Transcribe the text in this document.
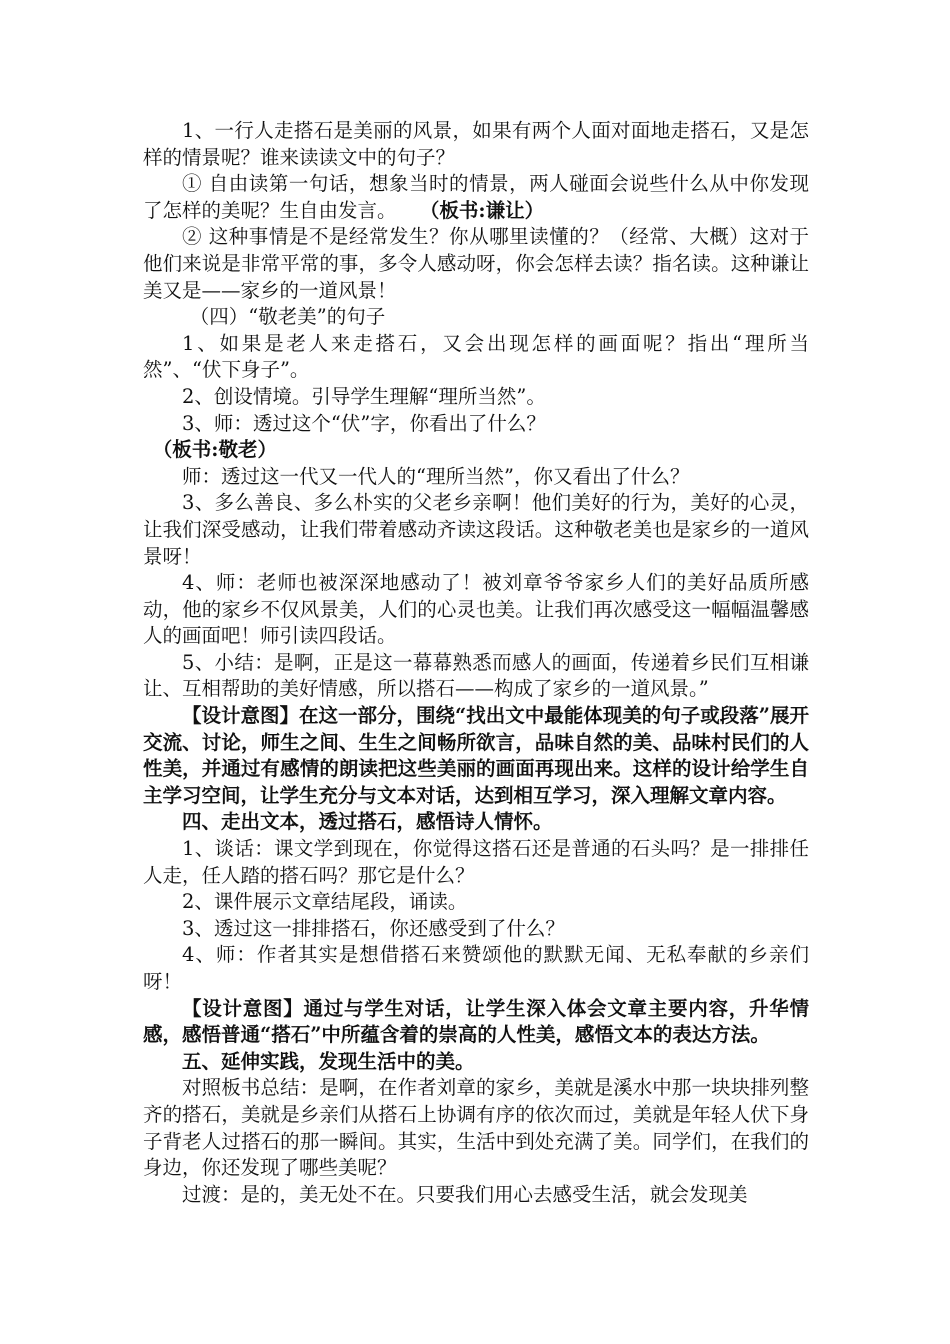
1、一行人走搭石是美丽的风景，如果有两个人面对面地走搭石，又是怎样的情景呢？谁来读读文中的句子？

① 自由读第一句话，想象当时的情景，两人碰面会说些什么从中你发现了怎样的美呢？生自由发言。 （板书:谦让）

② 这种事情是不是经常发生？你从哪里读懂的？（经常、大概）这对于他们来说是非常平常的事，多令人感动呀，你会怎样去读？指名读。这种谦让美又是——家乡的一道风景！

（四）“敬老美”的句子

1、如果是老人来走搭石，又会出现怎样的画面呢？指出“理所当然”、“伏下身子”。

2、创设情境。引导学生理解“理所当然”。

3、师：透过这个“伏”字，你看出了什么？

（板书:敬老）

师：透过这一代又一代人的“理所当然”，你又看出了什么？

3、多么善良、多么朴实的父老乡亲啊！他们美好的行为，美好的心灵，让我们深受感动，让我们带着感动齐读这段话。这种敬老美也是家乡的一道风景呀！

4、师：老师也被深深地感动了！被刘章爷爷家乡人们的美好品质所感动，他的家乡不仅风景美，人们的心灵也美。让我们再次感受这一幅幅温馨感人的画面吧！师引读四段话。

5、小结：是啊，正是这一幕幕熟悉而感人的画面，传递着乡民们互相谦让、互相帮助的美好情感，所以搭石——构成了家乡的一道风景。”

【设计意图】在这一部分，围绕“找出文中最能体现美的句子或段落”展开交流、讨论，师生之间、生生之间畅所欲言，品味自然的美、品味村民们的人性美，并通过有感情的朗读把这些美丽的画面再现出来。这样的设计给学生自主学习空间，让学生充分与文本对话，达到相互学习，深入理解文章内容。

四、走出文本，透过搭石，感悟诗人情怀。

1、谈话：课文学到现在，你觉得这搭石还是普通的石头吗？是一排排任人走，任人踏的搭石吗？那它是什么？

2、课件展示文章结尾段，诵读。

3、透过这一排排搭石，你还感受到了什么？

4、师：作者其实是想借搭石来赞颂他的默默无闻、无私奉献的乡亲们呀！

【设计意图】通过与学生对话，让学生深入体会文章主要内容，升华情感，感悟普通“搭石”中所蕴含着的崇高的人性美，感悟文本的表达方法。

五、延伸实践，发现生活中的美。

对照板书总结：是啊，在作者刘章的家乡，美就是溪水中那一块块排列整齐的搭石，美就是乡亲们从搭石上协调有序的依次而过，美就是年轻人伏下身子背老人过搭石的那一瞬间。其实，生活中到处充满了美。同学们，在我们的身边，你还发现了哪些美呢？

过渡：是的，美无处不在。只要我们用心去感受生活，就会发现美
